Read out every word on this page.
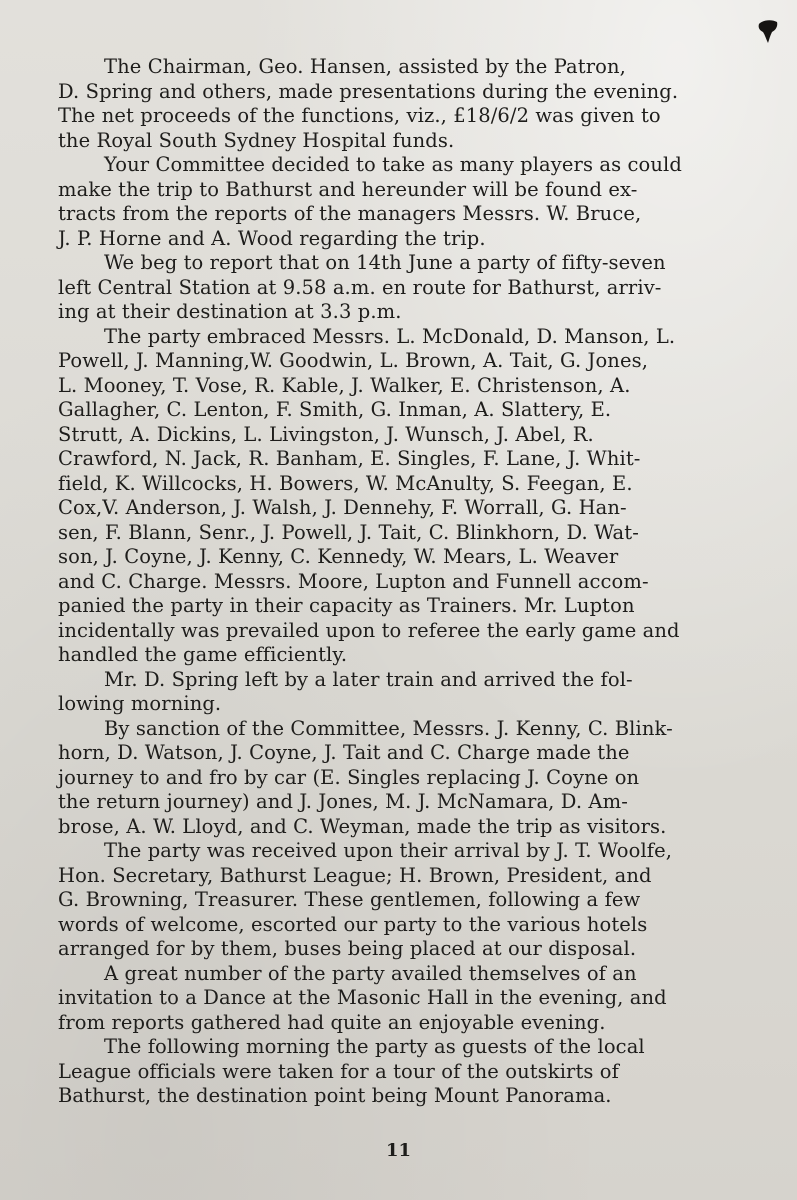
The Chairman, Geo. Hansen, assisted by the Patron,
D. Spring and others, made presentations during the evening.
The net proceeds of the functions, viz., £18/6/2 was given to
the Royal South Sydney Hospital funds.

Your Committee decided to take as many players as could
make the trip to Bathurst and hereunder will be found ex-
tracts from the reports of the managers Messrs. W. Bruce,
J. P. Horne and A. Wood regarding the trip.

We beg to report that on 14th June a party of fifty-seven
left Central Station at 9.58 a.m. en route for Bathurst, arriv-
ing at their destination at 3.3 p.m.

The party embraced Messrs. L. McDonald, D. Manson, L.
Powell, J. Manning,W. Goodwin, L. Brown, A. Tait, G. Jones,
L. Mooney, T. Vose, R. Kable, J. Walker, E. Christenson, A.
Gallagher, C. Lenton, F. Smith, G. Inman, A. Slattery, E.
Strutt, A. Dickins, L. Livingston, J. Wunsch, J. Abel, R.
Crawford, N. Jack, R. Banham, E. Singles, F. Lane, J. Whit-
field, K. Willcocks, H. Bowers, W. McAnulty, S. Feegan, E.
Cox,V. Anderson, J. Walsh, J. Dennehy, F. Worrall, G. Han-
sen, F. Blann, Senr., J. Powell, J. Tait, C. Blinkhorn, D. Wat-
son, J. Coyne, J. Kenny, C. Kennedy, W. Mears, L. Weaver
and C. Charge. Messrs. Moore, Lupton and Funnell accom-
panied the party in their capacity as Trainers. Mr. Lupton
incidentally was prevailed upon to referee the early game and
handled the game efficiently.

Mr. D. Spring left by a later train and arrived the fol-
lowing morning.

By sanction of the Committee, Messrs. J. Kenny, C. Blink-
horn, D. Watson, J. Coyne, J. Tait and C. Charge made the
journey to and fro by car (E. Singles replacing J. Coyne on
the return journey) and J. Jones, M. J. McNamara, D. Am-
brose, A. W. Lloyd, and C. Weyman, made the trip as visitors.

The party was received upon their arrival by J. T. Woolfe,
Hon. Secretary, Bathurst League; H. Brown, President, and
G. Browning, Treasurer. These gentlemen, following a few
words of welcome, escorted our party to the various hotels
arranged for by them, buses being placed at our disposal.

A great number of the party availed themselves of an
invitation to a Dance at the Masonic Hall in the evening, and
from reports gathered had quite an enjoyable evening.

The following morning the party as guests of the local
League officials were taken for a tour of the outskirts of
Bathurst, the destination point being Mount Panorama.

11
